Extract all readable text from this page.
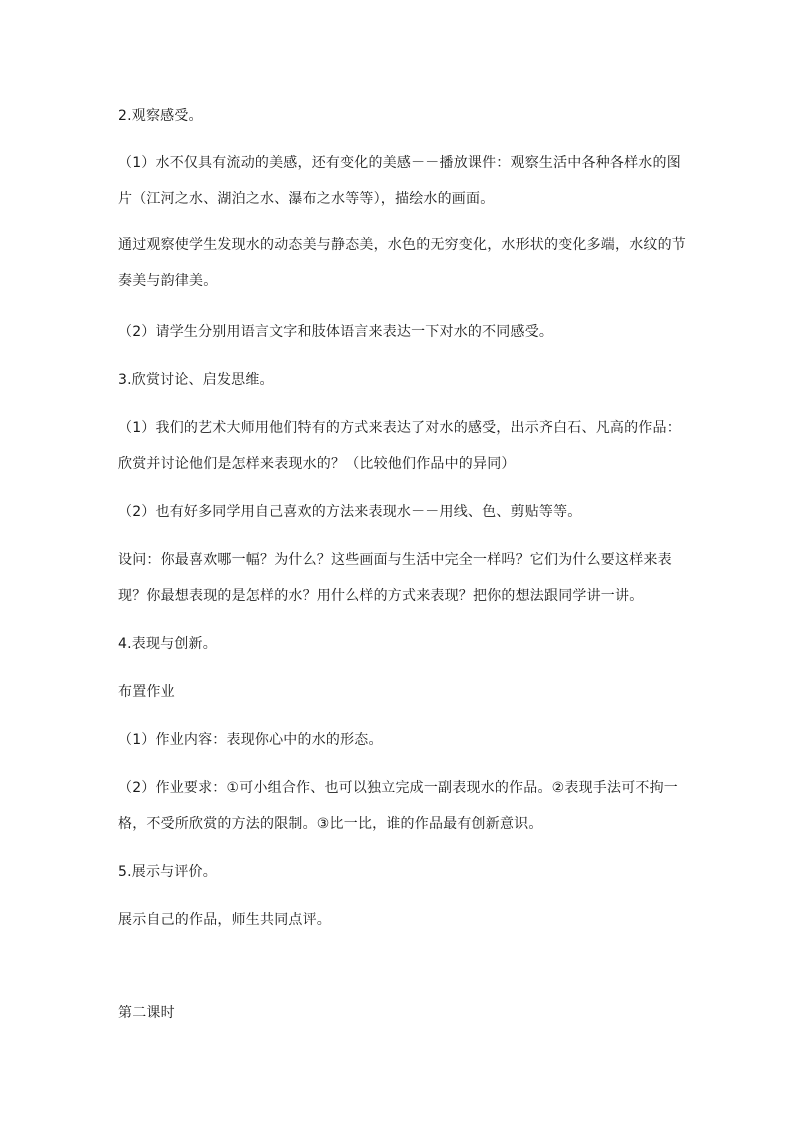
2.观察感受。
（1）水不仅具有流动的美感，还有变化的美感－－播放课件：观察生活中各种各样水的图
片（江河之水、湖泊之水、瀑布之水等等），描绘水的画面。
通过观察使学生发现水的动态美与静态美，水色的无穷变化，水形状的变化多端，水纹的节
奏美与韵律美。
（2）请学生分别用语言文字和肢体语言来表达一下对水的不同感受。
3.欣赏讨论、启发思维。
（1）我们的艺术大师用他们特有的方式来表达了对水的感受，出示齐白石、凡高的作品：
欣赏并讨论他们是怎样来表现水的？（比较他们作品中的异同）
（2）也有好多同学用自己喜欢的方法来表现水－－用线、色、剪贴等等。
设问：你最喜欢哪一幅？为什么？这些画面与生活中完全一样吗？它们为什么要这样来表
现？你最想表现的是怎样的水？用什么样的方式来表现？把你的想法跟同学讲一讲。
4.表现与创新。
布置作业
（1）作业内容：表现你心中的水的形态。
（2）作业要求：①可小组合作、也可以独立完成一副表现水的作品。②表现手法可不拘一
格，不受所欣赏的方法的限制。③比一比，谁的作品最有创新意识。
5.展示与评价。
展示自己的作品，师生共同点评。
第二课时
